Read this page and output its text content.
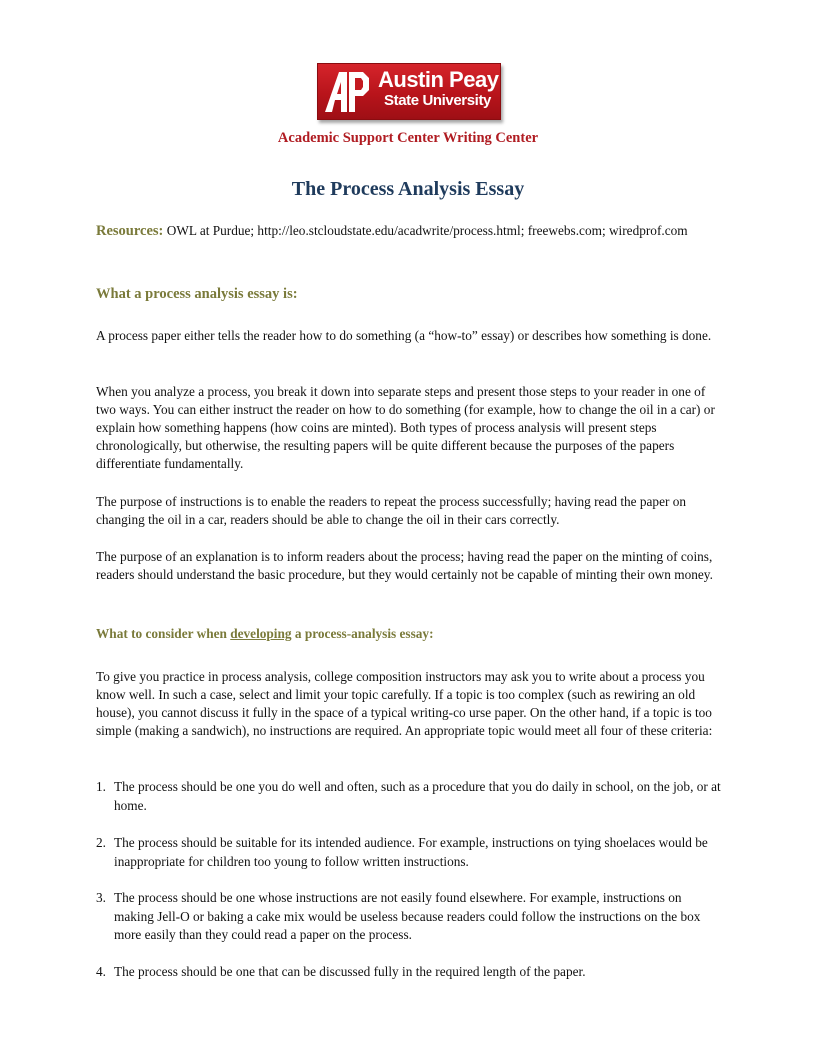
Austin Peay
State University
Academic Support Center Writing Center
The Process Analysis Essay
Resources: OWL at Purdue; http://leo.stcloudstate.edu/acadwrite/process.html; freewebs.com; wiredprof.com
What a process analysis essay is:
A process paper either tells the reader how to do something (a “how-to” essay) or describes how something is done.
When you analyze a process, you break it down into separate steps and present those steps to your reader in one of two ways. You can either instruct the reader on how to do something (for example, how to change the oil in a car) or explain how something happens (how coins are minted). Both types of process analysis will present steps chronologically, but otherwise, the resulting papers will be quite different because the purposes of the papers differentiate fundamentally.
The purpose of instructions is to enable the readers to repeat the process successfully; having read the paper on changing the oil in a car, readers should be able to change the oil in their cars correctly.
The purpose of an explanation is to inform readers about the process; having read the paper on the minting of coins, readers should understand the basic procedure, but they would certainly not be capable of minting their own money.
What to consider when developing a process-analysis essay:
To give you practice in process analysis, college composition instructors may ask you to write about a process you know well. In such a case, select and limit your topic carefully. If a topic is too complex (such as rewiring an old house), you cannot discuss it fully in the space of a typical writing-co urse paper. On the other hand, if a topic is too simple (making a sandwich), no instructions are required. An appropriate topic would meet all four of these criteria:
1. The process should be one you do well and often, such as a procedure that you do daily in school, on the job, or at home.
2. The process should be suitable for its intended audience. For example, instructions on tying shoelaces would be inappropriate for children too young to follow written instructions.
3. The process should be one whose instructions are not easily found elsewhere. For example, instructions on making Jell-O or baking a cake mix would be useless because readers could follow the instructions on the box more easily than they could read a paper on the process.
4. The process should be one that can be discussed fully in the required length of the paper.
